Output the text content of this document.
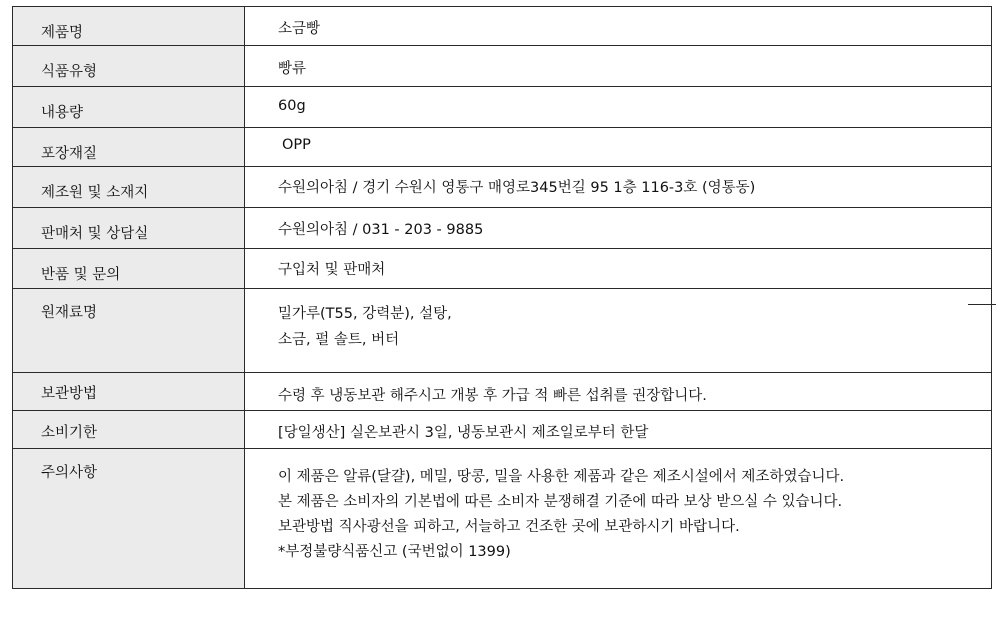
제품명	소금빵

식품유형	빵류

내용량	60g

포장재질	OPP

제조원 및 소재지	수원의아침 / 경기 수원시 영통구 매영로345번길 95 1층 116-3호 (영통동)

판매처 및 상담실	수원의아침 / 031 - 203 - 9885

반품 및 문의	구입처 및 판매처

원재료명	밀가루(T55, 강력분), 설탕,
소금, 펄 솔트, 버터

보관방법	수령 후 냉동보관 해주시고 개봉 후 가급 적 빠른 섭취를 권장합니다.

소비기한	[당일생산] 실온보관시 3일, 냉동보관시 제조일로부터 한달

주의사항	이 제품은 알류(달걀), 메밀, 땅콩, 밀을 사용한 제품과 같은 제조시설에서 제조하였습니다.
본 제품은 소비자의 기본법에 따른 소비자 분쟁해결 기준에 따라 보상 받으실 수 있습니다.
보관방법 직사광선을 피하고, 서늘하고 건조한 곳에 보관하시기 바랍니다.
*부정불량식품신고 (국번없이 1399)
